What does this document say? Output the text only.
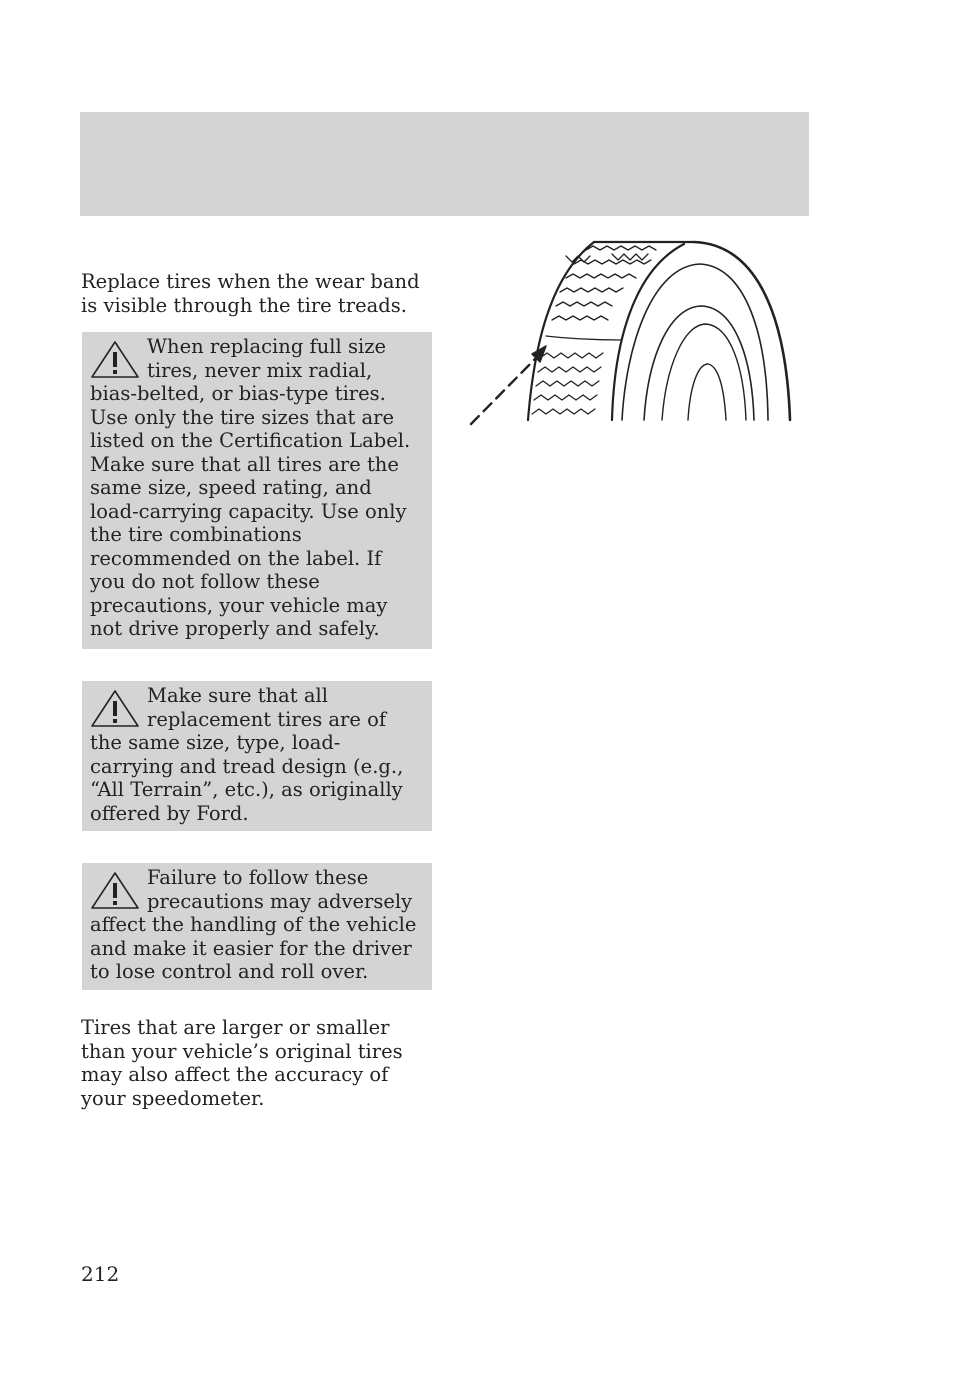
Replace tires when the wear band is visible through the tire treads.

When replacing full size tires, never mix radial, bias-belted, or bias-type tires. Use only the tire sizes that are listed on the Certification Label. Make sure that all tires are the same size, speed rating, and load-carrying capacity. Use only the tire combinations recommended on the label. If you do not follow these precautions, your vehicle may not drive properly and safely.
Make sure that all replacement tires are of the same size, type, load-carrying and tread design (e.g., “All Terrain”, etc.), as originally offered by Ford.
Failure to follow these precautions may adversely affect the handling of the vehicle and make it easier for the driver to lose control and roll over.

Tires that are larger or smaller than your vehicle’s original tires may also affect the accuracy of your speedometer.

212
